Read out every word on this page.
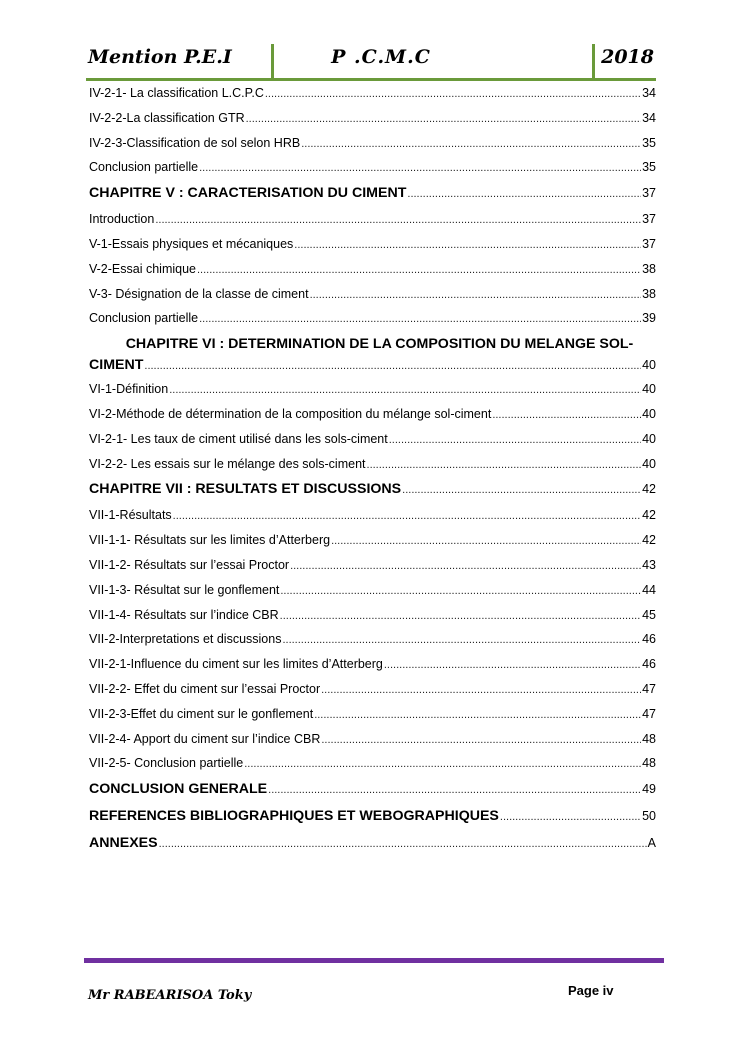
Mention P.E.I	P .C.M.C	2018
IV-2-1- La classification L.C.P.C .....	34
IV-2-2-La classification GTR .....	34
IV-2-3-Classification de sol selon HRB .....	35
Conclusion partielle .....	35
CHAPITRE V : CARACTERISATION DU CIMENT .....	37
Introduction .....	37
V-1-Essais physiques et mécaniques .....	37
V-2-Essai chimique .....	38
V-3- Désignation de la classe de ciment .....	38
Conclusion partielle .....	39
CHAPITRE VI : DETERMINATION DE LA COMPOSITION DU MELANGE SOL-
CIMENT .....	40
VI-1-Définition .....	40
VI-2-Méthode de détermination de la composition du mélange sol-ciment .....	40
VI-2-1- Les taux de ciment utilisé dans les sols-ciment .....	40
VI-2-2- Les essais sur le mélange des sols-ciment .....	40
CHAPITRE VII : RESULTATS ET DISCUSSIONS .....	42
VII-1-Résultats .....	42
VII-1-1- Résultats sur les limites d’Atterberg .....	42
VII-1-2- Résultats sur l’essai Proctor .....	43
VII-1-3- Résultat sur le gonflement .....	44
VII-1-4- Résultats sur l’indice CBR .....	45
VII-2-Interpretations et discussions .....	46
VII-2-1-Influence du ciment sur les limites d’Atterberg .....	46
VII-2-2- Effet du ciment sur l’essai Proctor .....	47
VII-2-3-Effet du ciment sur le gonflement .....	47
VII-2-4- Apport du ciment sur l’indice CBR .....	48
VII-2-5- Conclusion partielle .....	48
CONCLUSION GENERALE .....	49
REFERENCES BIBLIOGRAPHIQUES ET WEBOGRAPHIQUES .....	50
ANNEXES .....	A
Mr RABEARISOA Toky	Page iv
